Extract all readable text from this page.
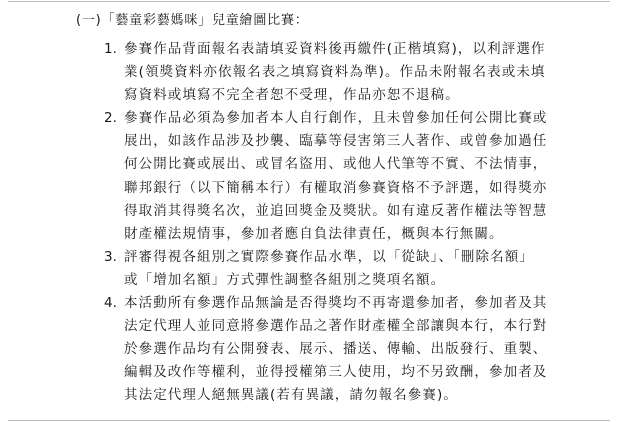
(一)「藝童彩藝媽咪」兒童繪圖比賽：
1. 參賽作品背面報名表請填妥資料後再繳件(正楷填寫)，以利評選作
業(領獎資料亦依報名表之填寫資料為準)。作品未附報名表或未填
寫資料或填寫不完全者恕不受理，作品亦恕不退稿。
2. 參賽作品必須為參加者本人自行創作，且未曾參加任何公開比賽或
展出，如該作品涉及抄襲、臨摹等侵害第三人著作、或曾參加過任
何公開比賽或展出、或冒名盜用、或他人代筆等不實、不法情事，
聯邦銀行（以下簡稱本行）有權取消參賽資格不予評選，如得獎亦
得取消其得獎名次，並追回獎金及獎狀。如有違反著作權法等智慧
財產權法規情事，參加者應自負法律責任，概與本行無關。
3. 評審得視各組別之實際參賽作品水準，以「從缺」、「刪除名額」
或「增加名額」方式彈性調整各組別之獎項名額。
4. 本活動所有參選作品無論是否得獎均不再寄還參加者，參加者及其
法定代理人並同意將參選作品之著作財產權全部讓與本行，本行對
於參選作品均有公開發表、展示、播送、傳輸、出版發行、重製、
編輯及改作等權利，並得授權第三人使用，均不另致酬，參加者及
其法定代理人絕無異議(若有異議，請勿報名參賽)。
